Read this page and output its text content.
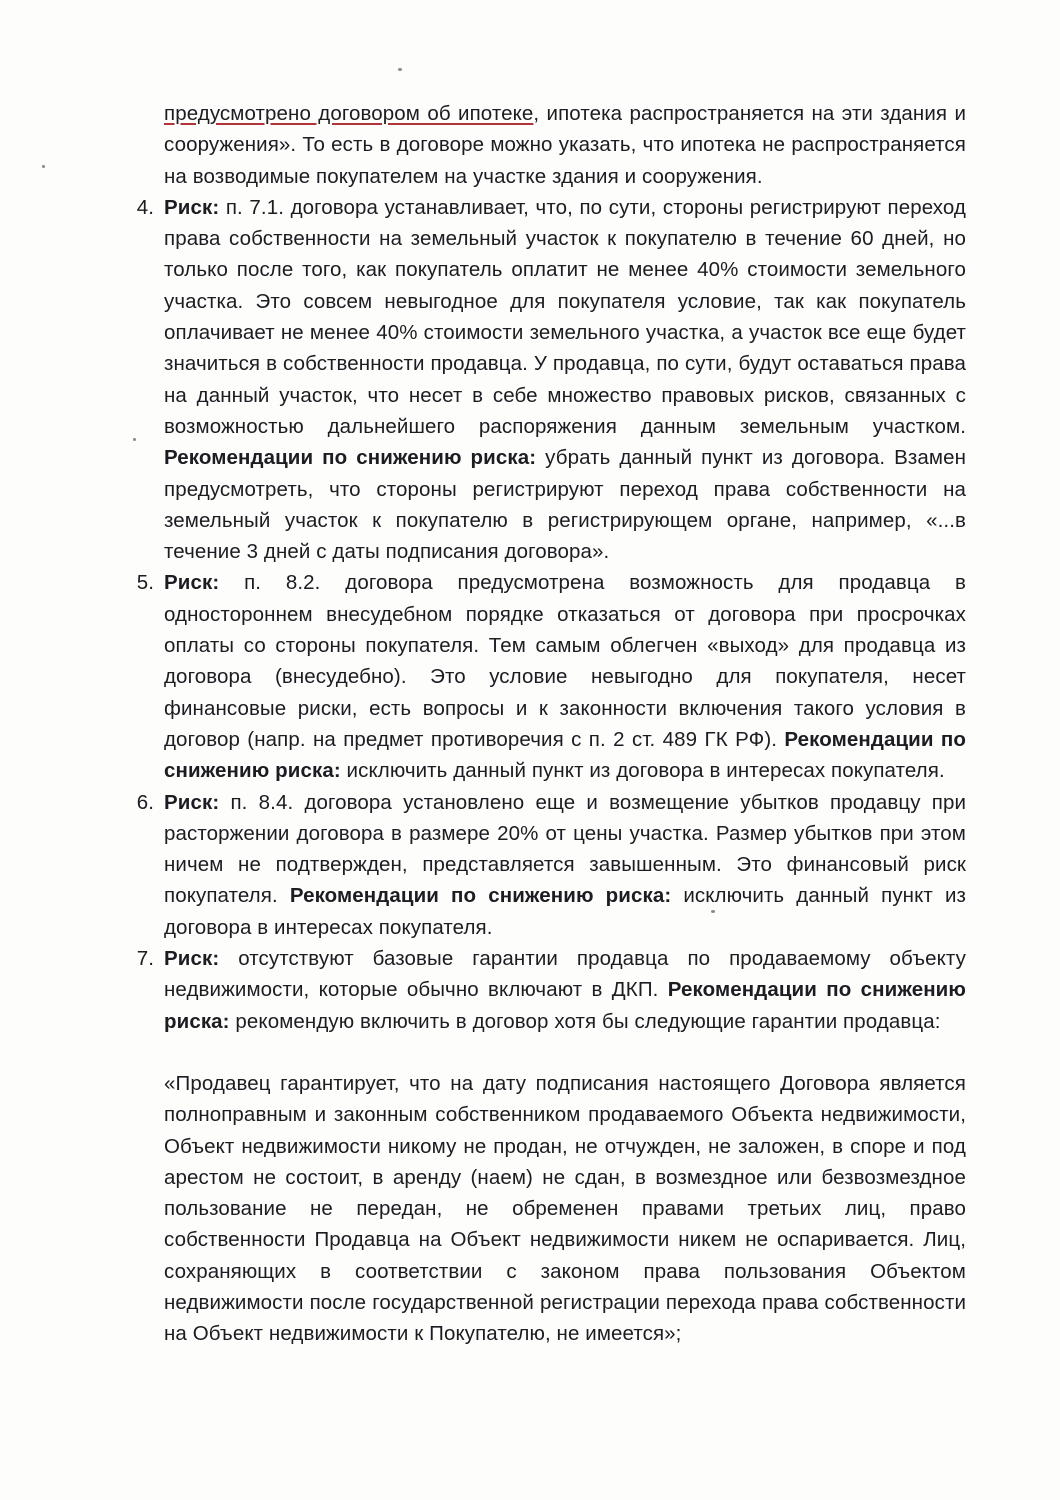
предусмотрено договором об ипотеке, ипотека распространяется на эти здания и сооружения». То есть в договоре можно указать, что ипотека не распространяется на возводимые покупателем на участке здания и сооружения.

4. Риск: п. 7.1. договора устанавливает, что, по сути, стороны регистрируют переход права собственности на земельный участок к покупателю в течение 60 дней, но только после того, как покупатель оплатит не менее 40% стоимости земельного участка. Это совсем невыгодное для покупателя условие, так как покупатель оплачивает не менее 40% стоимости земельного участка, а участок все еще будет значиться в собственности продавца. У продавца, по сути, будут оставаться права на данный участок, что несет в себе множество правовых рисков, связанных с возможностью дальнейшего распоряжения данным земельным участком. Рекомендации по снижению риска: убрать данный пункт из договора. Взамен предусмотреть, что стороны регистрируют переход права собственности на земельный участок к покупателю в регистрирующем органе, например, «...в течение 3 дней с даты подписания договора».
5. Риск: п. 8.2. договора предусмотрена возможность для продавца в одностороннем внесудебном порядке отказаться от договора при просрочках оплаты со стороны покупателя. Тем самым облегчен «выход» для продавца из договора (внесудебно). Это условие невыгодно для покупателя, несет финансовые риски, есть вопросы и к законности включения такого условия в договор (напр. на предмет противоречия с п. 2 ст. 489 ГК РФ). Рекомендации по снижению риска: исключить данный пункт из договора в интересах покупателя.
6. Риск: п. 8.4. договора установлено еще и возмещение убытков продавцу при расторжении договора в размере 20% от цены участка. Размер убытков при этом ничем не подтвержден, представляется завышенным. Это финансовый риск покупателя. Рекомендации по снижению риска: исключить данный пункт из договора в интересах покупателя.
7. Риск: отсутствуют базовые гарантии продавца по продаваемому объекту недвижимости, которые обычно включают в ДКП. Рекомендации по снижению риска: рекомендую включить в договор хотя бы следующие гарантии продавца:

«Продавец гарантирует, что на дату подписания настоящего Договора является полноправным и законным собственником продаваемого Объекта недвижимости, Объект недвижимости никому не продан, не отчужден, не заложен, в споре и под арестом не состоит, в аренду (наем) не сдан, в возмездное или безвозмездное пользование не передан, не обременен правами третьих лиц, право собственности Продавца на Объект недвижимости никем не оспаривается. Лиц, сохраняющих в соответствии с законом права пользования Объектом недвижимости после государственной регистрации перехода права собственности на Объект недвижимости к Покупателю, не имеется»;
